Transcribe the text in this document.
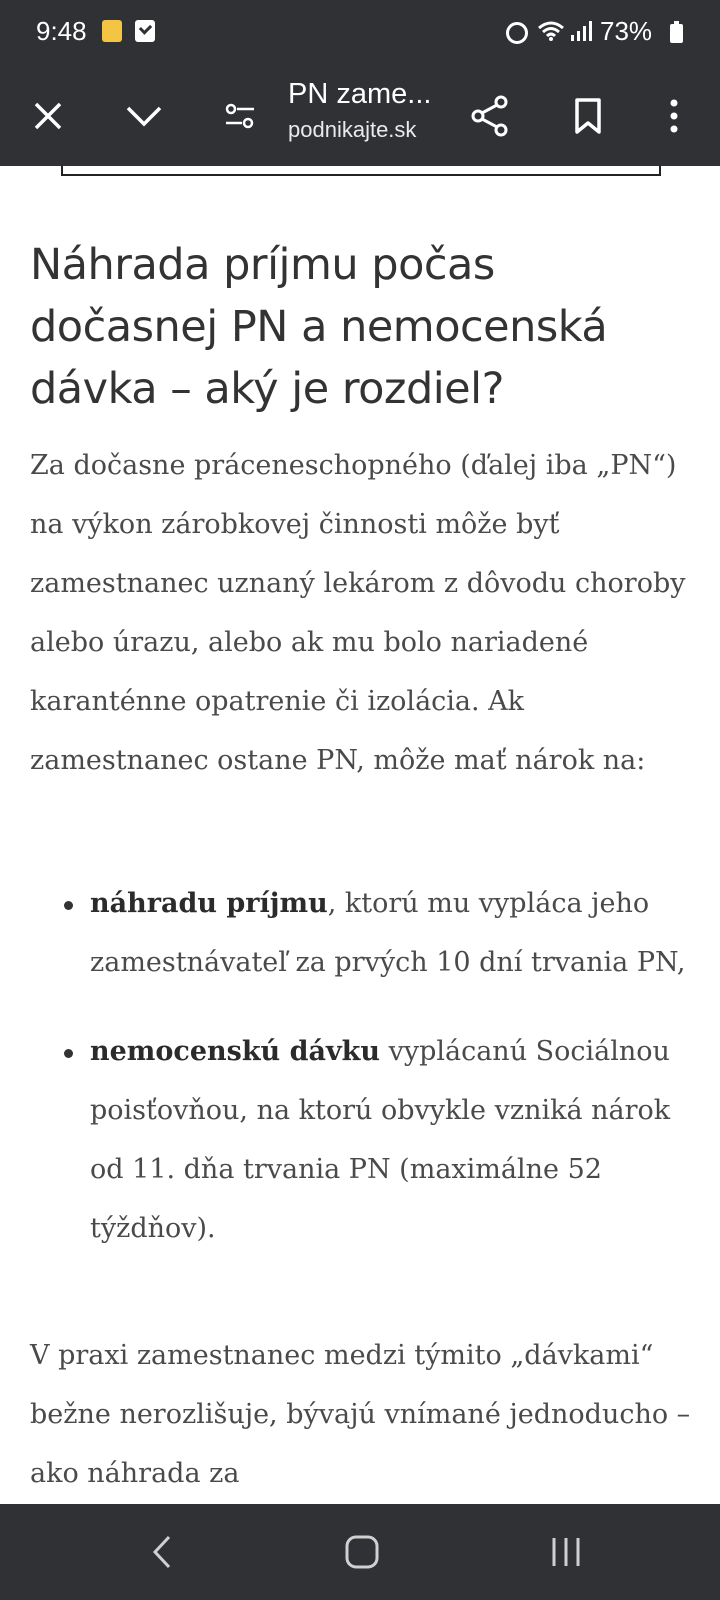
9:48	73%
PN zame...
podnikajte.sk
Náhrada príjmu počas dočasnej PN a nemocenská dávka – aký je rozdiel?

Za dočasne práceneschopného (ďalej iba „PN“) na výkon zárobkovej činnosti môže byť zamestnanec uznaný lekárom z dôvodu choroby alebo úrazu, alebo ak mu bolo nariadené karanténne opatrenie či izolácia. Ak zamestnanec ostane PN, môže mať nárok na:

náhradu príjmu, ktorú mu vypláca jeho zamestnávateľ za prvých 10 dní trvania PN,
nemocenskú dávku vyplácanú Sociálnou poisťovňou, na ktorú obvykle vzniká nárok od 11. dňa trvania PN (maximálne 52 týždňov).

V praxi zamestnanec medzi týmito „dávkami“ bežne nerozlišuje, bývajú vnímané jednoducho – ako náhrada za
